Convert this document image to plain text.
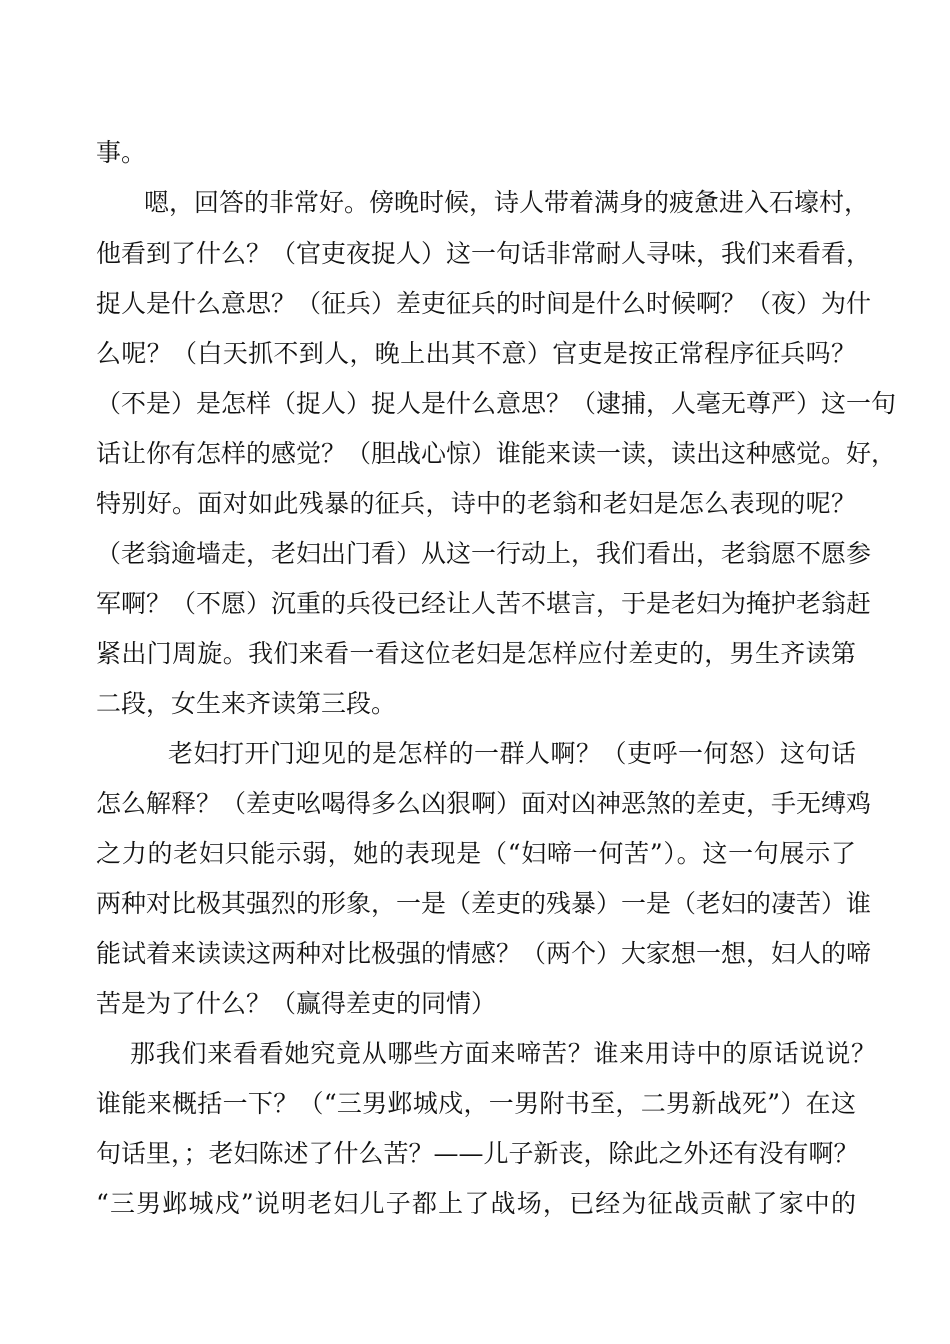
事。
嗯，回答的非常好。傍晚时候，诗人带着满身的疲惫进入石壕村，
他看到了什么？（官吏夜捉人）这一句话非常耐人寻味，我们来看看，
捉人是什么意思？（征兵）差吏征兵的时间是什么时候啊？（夜）为什
么呢？（白天抓不到人，晚上出其不意）官吏是按正常程序征兵吗？
（不是）是怎样（捉人）捉人是什么意思？（逮捕，人毫无尊严）这一句
话让你有怎样的感觉？（胆战心惊）谁能来读一读，读出这种感觉。好，
特别好。面对如此残暴的征兵，诗中的老翁和老妇是怎么表现的呢？
（老翁逾墙走，老妇出门看）从这一行动上，我们看出，老翁愿不愿参
军啊？（不愿）沉重的兵役已经让人苦不堪言，于是老妇为掩护老翁赶
紧出门周旋。我们来看一看这位老妇是怎样应付差吏的，男生齐读第
二段，女生来齐读第三段。
老妇打开门迎见的是怎样的一群人啊？（吏呼一何怒）这句话
怎么解释？（差吏吆喝得多么凶狠啊）面对凶神恶煞的差吏，手无缚鸡
之力的老妇只能示弱，她的表现是（“妇啼一何苦”）。这一句展示了
两种对比极其强烈的形象，一是（差吏的残暴）一是（老妇的凄苦）谁
能试着来读读这两种对比极强的情感？（两个）大家想一想，妇人的啼
苦是为了什么？（赢得差吏的同情）
那我们来看看她究竟从哪些方面来啼苦？谁来用诗中的原话说说？
谁能来概括一下？（“三男邺城戍，一男附书至，二男新战死”）在这
句话里，；老妇陈述了什么苦？——儿子新丧，除此之外还有没有啊？
“三男邺城戍”说明老妇儿子都上了战场，已经为征战贡献了家中的
